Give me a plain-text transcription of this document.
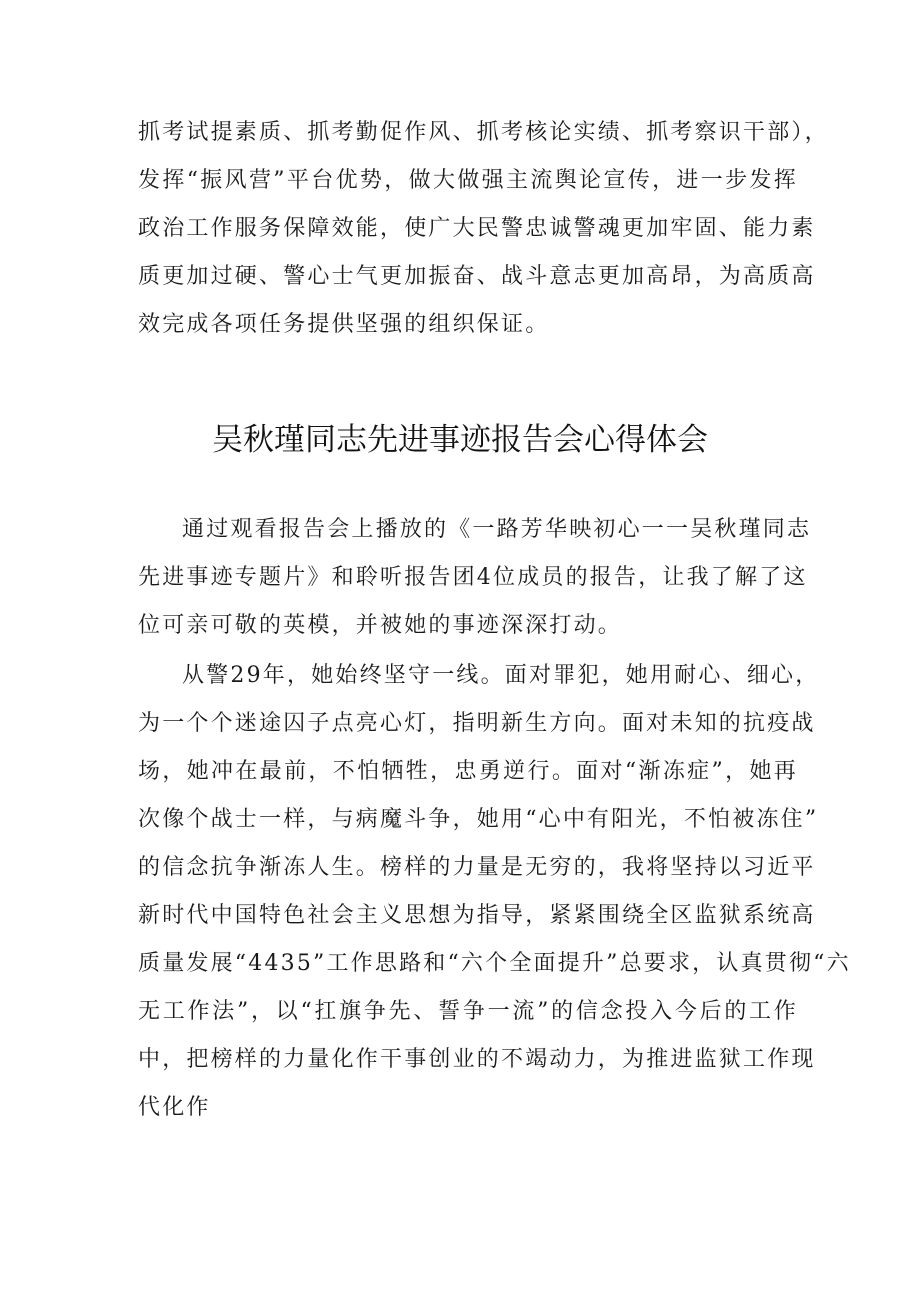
抓考试提素质、抓考勤促作风、抓考核论实绩、抓考察识干部），
发挥“振风营”平台优势，做大做强主流舆论宣传，进一步发挥
政治工作服务保障效能，使广大民警忠诚警魂更加牢固、能力素
质更加过硬、警心士气更加振奋、战斗意志更加高昂，为高质高
效完成各项任务提供坚强的组织保证。
吴秋瑾同志先进事迹报告会心得体会
通过观看报告会上播放的《一路芳华映初心一一吴秋瑾同志
先进事迹专题片》和聆听报告团4位成员的报告，让我了解了这
位可亲可敬的英模，并被她的事迹深深打动。
从警29年，她始终坚守一线。面对罪犯，她用耐心、细心，
为一个个迷途囚子点亮心灯，指明新生方向。面对未知的抗疫战
场，她冲在最前，不怕牺牲，忠勇逆行。面对“渐冻症”，她再
次像个战士一样，与病魔斗争，她用“心中有阳光，不怕被冻住”
的信念抗争渐冻人生。榜样的力量是无穷的，我将坚持以习近平
新时代中国特色社会主义思想为指导，紧紧围绕全区监狱系统高
质量发展“4435”工作思路和“六个全面提升”总要求，认真贯彻“六
无工作法”，以“扛旗争先、誓争一流”的信念投入今后的工作
中，把榜样的力量化作干事创业的不竭动力，为推进监狱工作现
代化作
